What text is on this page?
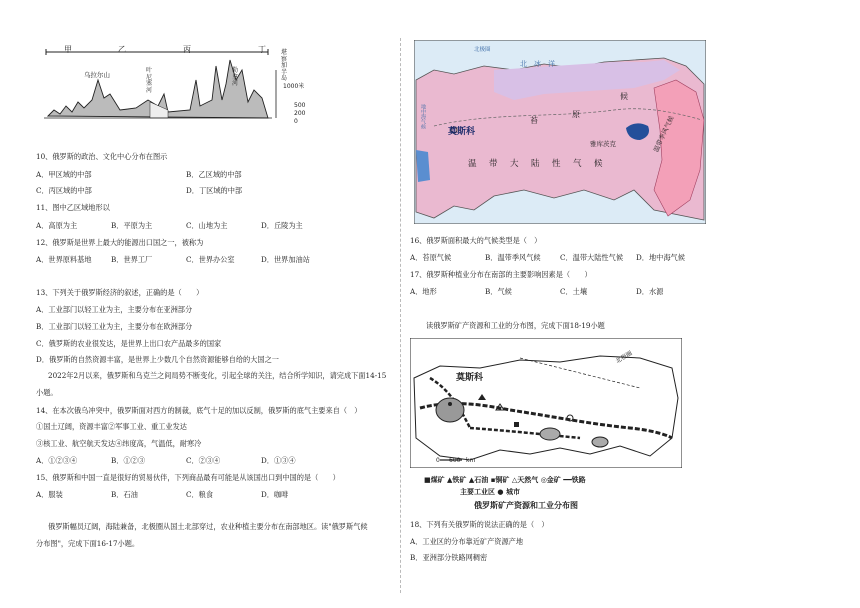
甲	乙	丙	丁
乌拉尔山
叶
尼
塞
河
勒
拿
河
堪
察
加
半
岛
1000米
500
200
0
10、俄罗斯的政治、文化中心分布在图示
A．甲区域的中部	B．乙区域的中部
C．丙区域的中部	D．丁区域的中部
11、图中乙区域地形以
A．高原为主	B．平原为主	C．山地为主	D．丘陵为主
12、俄罗斯是世界上最大的能源出口国之一，被称为
A．世界原料基地	B．世界工厂	C．世界办公室	D．世界加油站
13、下列关于俄罗斯经济的叙述，正确的是（　　）
A．工业部门以轻工业为主，主要分布在亚洲部分
B．工业部门以轻工业为主，主要分布在欧洲部分
C．俄罗斯的农业很发达，是世界上出口农产品最多的国家
D．俄罗斯的自然资源丰富，是世界上少数几个自然资源能够自给的大国之一
2022年2月以来，俄罗斯和乌克兰之间局势不断变化，引起全球的关注，结合所学知识，请完成下面14-15
小题。
14、在本次俄乌冲突中，俄罗斯面对西方的制裁，底气十足的加以反制，俄罗斯的底气主要来自（　）
①国土辽阔，资源丰富②军事工业、重工业发达
③核工业、航空航天发达④纬度高，气温低，耐寒冷
A．①②③④	B．①②③	C．②③④	D．①③④
15、俄罗斯和中国一直是很好的贸易伙伴，下列商品最有可能是从该国出口到中国的是（　　）
A．服装	B．石油	C．粮食	D．咖啡
俄罗斯幅员辽阔，海陆兼备，北极圈从国土北部穿过，农业种植主要分布在南部地区。读"俄罗斯气候
分布图"，完成下面16-17小题。
北　冰　洋
莫斯科
苔
原
候
温　带　大　陆　性　气　候
雅库茨克	温带季风气候
北极圈
地中海气候
16、俄罗斯面积最大的气候类型是（　）
A．苔原气候	B．温带季风气候	C．温带大陆性气候 D．地中海气候
17、俄罗斯种植业分布在南部的主要影响因素是（　　）
A．地形	B．气候	C．土壤	D．水源
读俄罗斯矿产资源和工业的分布图，完成下面18-19小题
莫斯科
北极圈
0 600 km
■煤矿 ▲铁矿 ▲石油 ▪铜矿 △天然气 ◎金矿 ━━铁路
主要工业区 ● 城市
俄罗斯矿产资源和工业分布图
18、下列有关俄罗斯的说法正确的是（　）
A．工业区的分布靠近矿产资源产地
B．亚洲部分铁路网稠密
